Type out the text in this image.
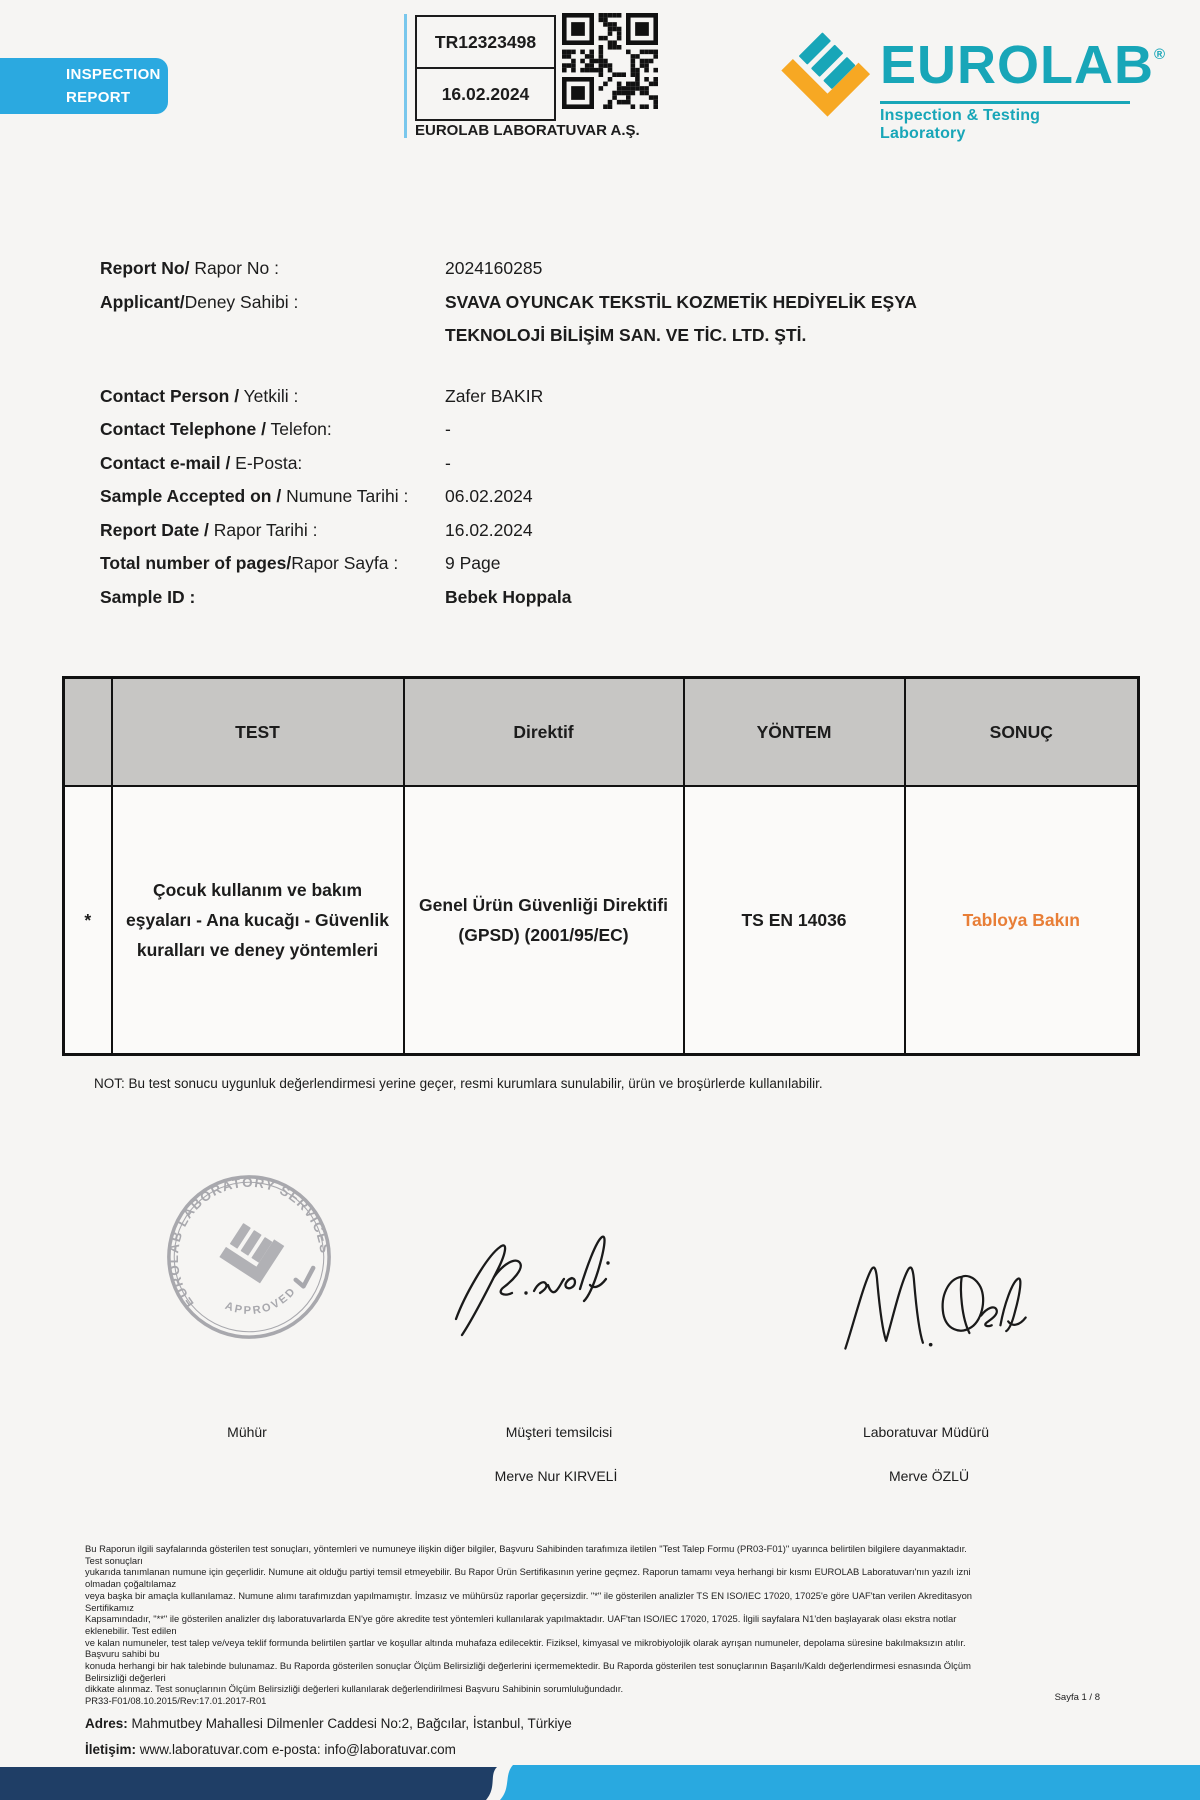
INSPECTION
REPORT
TR12323498
16.02.2024
EUROLAB LABORATUVAR A.Ş.
EUROLAB®
Inspection & Testing Laboratory
Report No/ Rapor No :	2024160285
Applicant/Deney Sahibi :	SVAVA OYUNCAK TEKSTİL KOZMETİK HEDİYELİK EŞYA TEKNOLOJİ BİLİŞİM SAN. VE TİC. LTD. ŞTİ.
Contact Person / Yetkili :	Zafer BAKIR
Contact Telephone / Telefon:	-
Contact e-mail / E-Posta:	-
Sample Accepted on / Numune Tarihi :	06.02.2024
Report Date / Rapor Tarihi :	16.02.2024
Total number of pages/Rapor Sayfa :	9 Page
Sample ID :	Bebek Hoppala
	TEST	Direktif	YÖNTEM	SONUÇ
*	Çocuk kullanım ve bakım eşyaları - Ana kucağı - Güvenlik kuralları ve deney yöntemleri	Genel Ürün Güvenliği Direktifi (GPSD) (2001/95/EC)	TS EN 14036	Tabloya Bakın
NOT: Bu test sonucu uygunluk değerlendirmesi yerine geçer, resmi kurumlara sunulabilir, ürün ve broşürlerde kullanılabilir.
EUROLAB LABORATORY SERVICES
APPROVED
Mühür	Müşteri temsilcisi
Merve Nur KIRVELİ
Laboratuvar Müdürü
Merve ÖZLÜ
Bu Raporun ilgili sayfalarında gösterilen test sonuçları, yöntemleri ve numuneye ilişkin diğer bilgiler, Başvuru Sahibinden tarafımıza iletilen "Test Talep Formu (PR03-F01)" uyarınca belirtilen bilgilere dayanmaktadır. Test sonuçları
yukarıda tanımlanan numune için geçerlidir. Numune ait olduğu partiyi temsil etmeyebilir. Bu Rapor Ürün Sertifikasının yerine geçmez. Raporun tamamı veya herhangi bir kısmı EUROLAB Laboratuvarı'nın yazılı izni olmadan çoğaltılamaz
veya başka bir amaçla kullanılamaz. Numune alımı tarafımızdan yapılmamıştır. İmzasız ve mühürsüz raporlar geçersizdir. "*" ile gösterilen analizler TS EN ISO/IEC 17020, 17025'e göre UAF'tan verilen Akreditasyon Sertifikamız
Kapsamındadır, "**" ile gösterilen analizler dış laboratuvarlarda EN'ye göre akredite test yöntemleri kullanılarak yapılmaktadır. UAF'tan ISO/IEC 17020, 17025. İlgili sayfalara N1'den başlayarak olası ekstra notlar eklenebilir. Test edilen
ve kalan numuneler, test talep ve/veya teklif formunda belirtilen şartlar ve koşullar altında muhafaza edilecektir. Fiziksel, kimyasal ve mikrobiyolojik olarak ayrışan numuneler, depolama süresine bakılmaksızın atılır. Başvuru sahibi bu
konuda herhangi bir hak talebinde bulunamaz. Bu Raporda gösterilen sonuçlar Ölçüm Belirsizliği değerlerini içermemektedir. Bu Raporda gösterilen test sonuçlarının Başarılı/Kaldı değerlendirmesi esnasında Ölçüm Belirsizliği değerleri
dikkate alınmaz. Test sonuçlarının Ölçüm Belirsizliği değerleri kullanılarak değerlendirilmesi Başvuru Sahibinin sorumluluğundadır.
PR33-F01/08.10.2015/Rev:17.01.2017-R01	Sayfa 1 / 8
Adres: Mahmutbey Mahallesi Dilmenler Caddesi No:2, Bağcılar, İstanbul, Türkiye
İletişim: www.laboratuvar.com e-posta: info@laboratuvar.com
